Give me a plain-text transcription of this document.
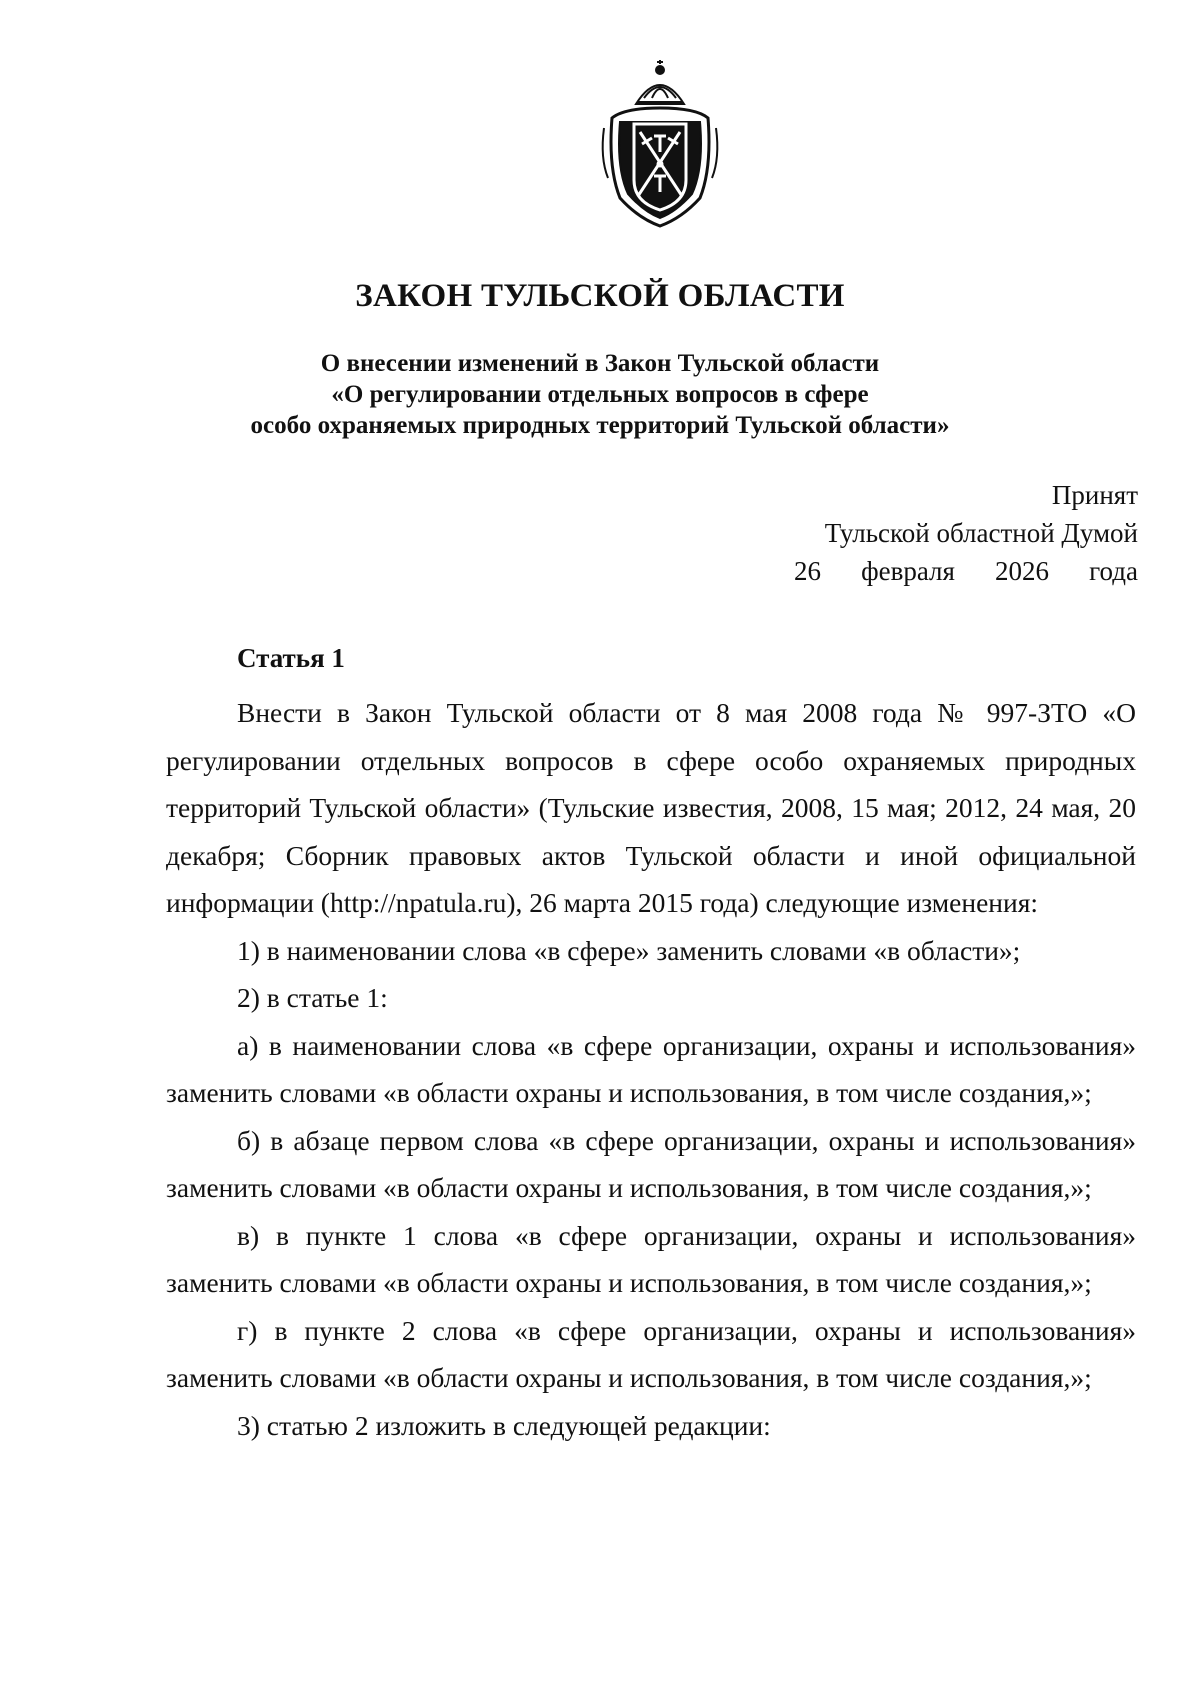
ЗАКОН ТУЛЬСКОЙ ОБЛАСТИ
О внесении изменений в Закон Тульской области
«О регулировании отдельных вопросов в сфере
особо охраняемых природных территорий Тульской области»
Принят
Тульской областной Думой
26 февраля 2026 года
Статья 1

Внести в Закон Тульской области от 8 мая 2008 года № 997-ЗТО «О регулировании отдельных вопросов в сфере особо охраняемых природных территорий Тульской области» (Тульские известия, 2008, 15 мая; 2012, 24 мая, 20 декабря; Сборник правовых актов Тульской области и иной официальной информации (http://npatula.ru), 26 марта 2015 года) следующие изменения:

1) в наименовании слова «в сфере» заменить словами «в области»;

2) в статье 1:

а) в наименовании слова «в сфере организации, охраны и использования» заменить словами «в области охраны и использования, в том числе создания,»;

б) в абзаце первом слова «в сфере организации, охраны и использования» заменить словами «в области охраны и использования, в том числе создания,»;

в) в пункте 1 слова «в сфере организации, охраны и использования» заменить словами «в области охраны и использования, в том числе создания,»;

г) в пункте 2 слова «в сфере организации, охраны и использования» заменить словами «в области охраны и использования, в том числе создания,»;

3) статью 2 изложить в следующей редакции:
